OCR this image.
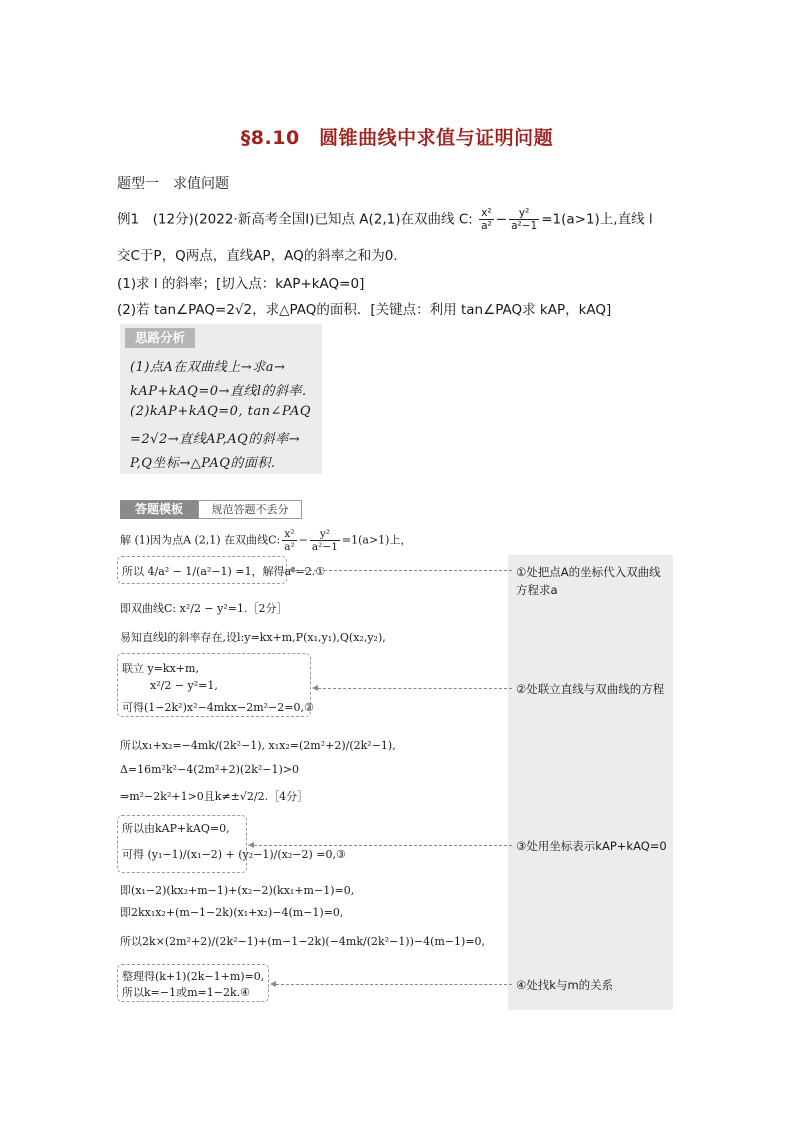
§8.10　圆锥曲线中求值与证明问题
题型一　求值问题
例1　(12分)(2022·新高考全国Ⅰ)已知点 A(2,1)在双曲线 C: $\frac{\text{x²}}{\text{a²}} - \frac{\text{y²}}{\text{a²−1}} =1(a>1)$上,直线 l
交C于P，Q两点，直线AP，AQ的斜率之和为0.
(1)求 l 的斜率；[切入点：kAP+kAQ=0]
(2)若 tan∠PAQ=2√2，求△PAQ的面积．[关键点：利用 tan∠PAQ求 kAP，kAQ]
思路分析
(1)点A在双曲线上→求a→
kAP+kAQ=0→直线l的斜率.
(2)kAP+kAQ=0, tan∠PAQ
=2√2→直线AP,AQ的斜率→
P,Q坐标→△PAQ的面积.
答题模板	规范答题不丢分
解 (1)因为点A (2,1) 在双曲线C: $\frac{\text{x²}}{\text{a²}} - \frac{\text{y²}}{\text{a²−1}} =1(a>1)$上，
所以 4/a² − 1/(a²−1) =1，解得a²=2.①
即双曲线C: x²/2 − y²=1.［2分］
易知直线l的斜率存在,设l:y=kx+m,P(x₁,y₁),Q(x₂,y₂),
联立 y=kx+m,
x²/2 − y²=1,
可得(1−2k²)x²−4mkx−2m²−2=0,②
所以x₁+x₂=−4mk/(2k²−1), x₁x₂=(2m²+2)/(2k²−1),
Δ=16m²k²−4(2m²+2)(2k²−1)>0
⇒m²−2k²+1>0且k≠±√2/2.［4分］
所以由kAP+kAQ=0,
可得 (y₁−1)/(x₁−2) + (y₂−1)/(x₂−2) =0,③
即(x₁−2)(kx₂+m−1)+(x₂−2)(kx₁+m−1)=0,
即2kx₁x₂+(m−1−2k)(x₁+x₂)−4(m−1)=0,
所以2k×(2m²+2)/(2k²−1)+(m−1−2k)(−4mk/(2k²−1))−4(m−1)=0,
整理得(k+1)(2k−1+m)=0,
所以k=−1或m=1−2k.④
①处把点A的坐标代入双曲线方程求a
②处联立直线与双曲线的方程
③处用坐标表示kAP+kAQ=0
④处找k与m的关系
